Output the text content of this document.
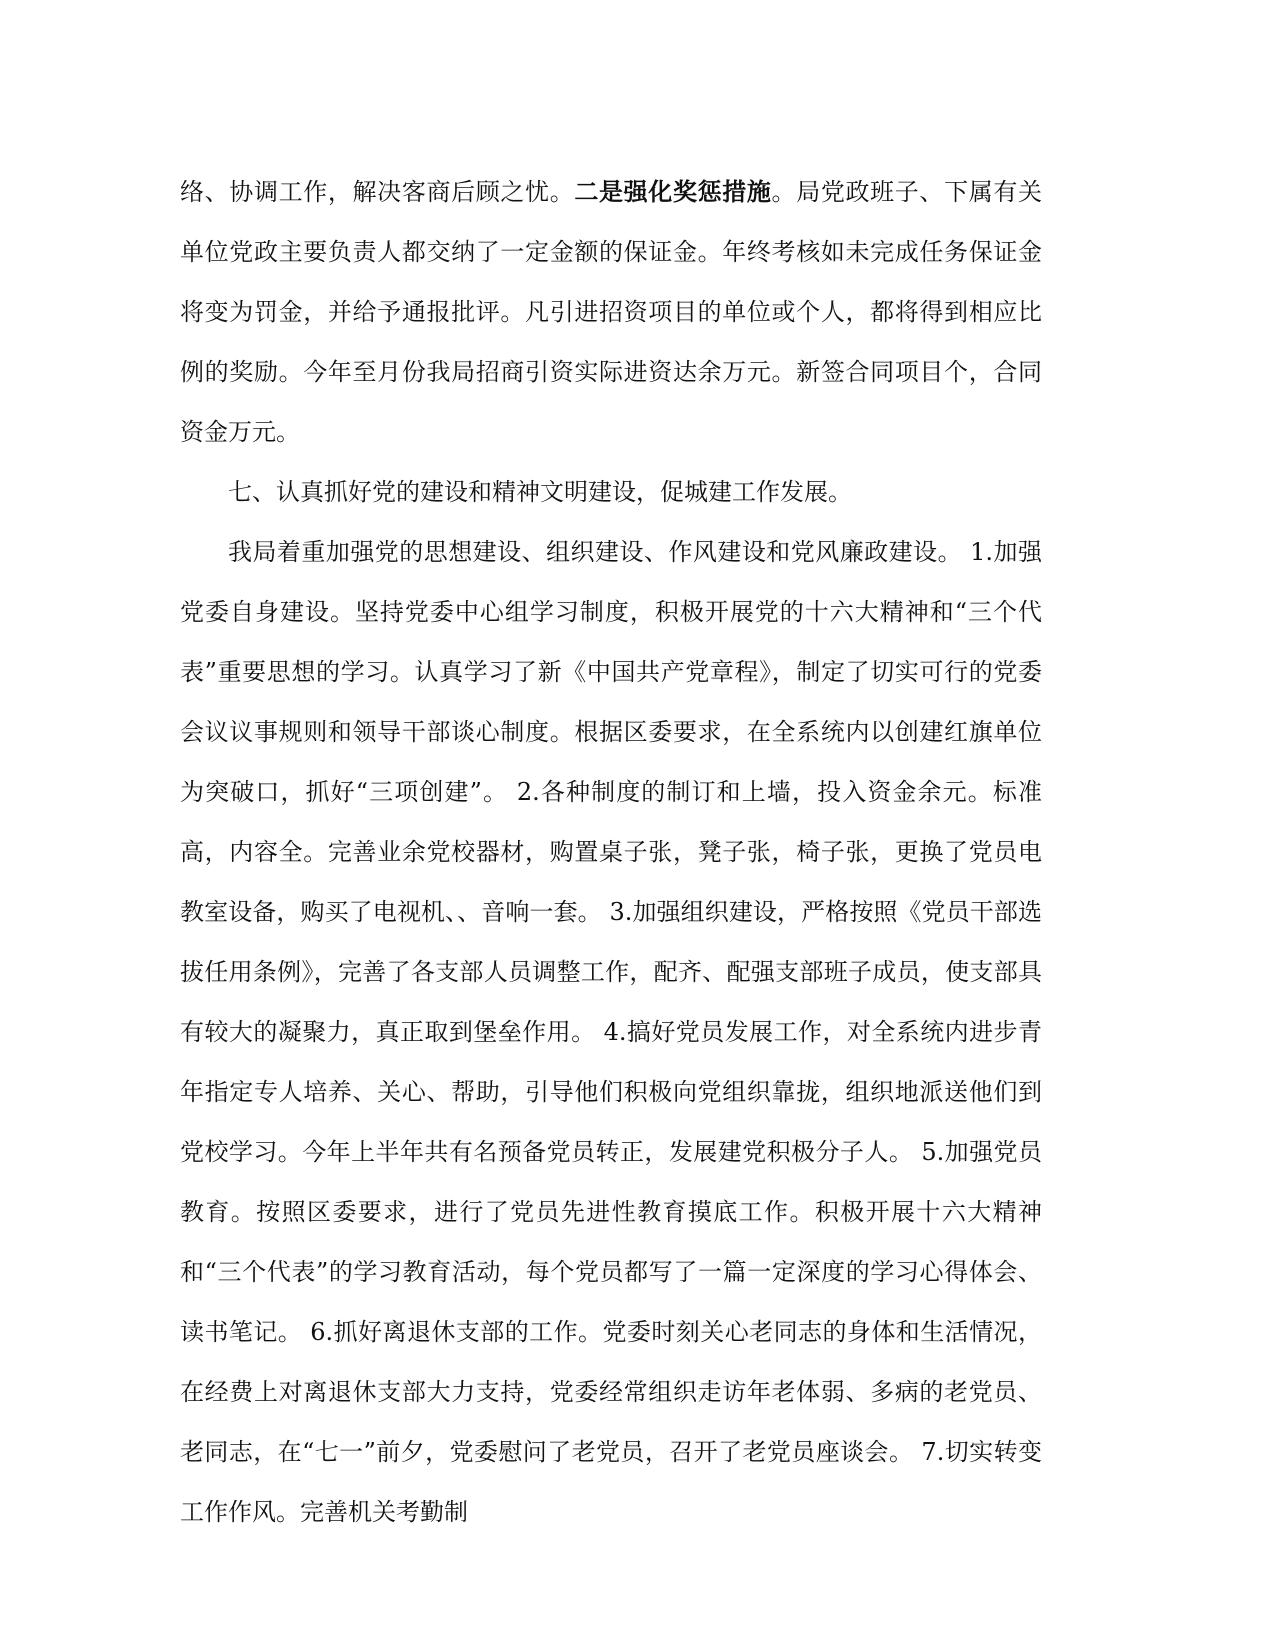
络、协调工作，解决客商后顾之忧。二是强化奖惩措施。局党政班子、下属有关单位党政主要负责人都交纳了一定金额的保证金。年终考核如未完成任务保证金将变为罚金，并给予通报批评。凡引进招资项目的单位或个人，都将得到相应比例的奖励。今年至月份我局招商引资实际进资达余万元。新签合同项目个，合同资金万元。

七、认真抓好党的建设和精神文明建设，促城建工作发展。

我局着重加强党的思想建设、组织建设、作风建设和党风廉政建设。 1.加强党委自身建设。坚持党委中心组学习制度，积极开展党的十六大精神和“三个代表”重要思想的学习。认真学习了新《中国共产党章程》，制定了切实可行的党委会议议事规则和领导干部谈心制度。根据区委要求，在全系统内以创建红旗单位为突破口，抓好“三项创建”。 2.各种制度的制订和上墙，投入资金余元。标准高，内容全。完善业余党校器材，购置桌子张，凳子张，椅子张，更换了党员电教室设备，购买了电视机、、音响一套。 3.加强组织建设，严格按照《党员干部选拔任用条例》，完善了各支部人员调整工作，配齐、配强支部班子成员，使支部具有较大的凝聚力，真正取到堡垒作用。 4.搞好党员发展工作，对全系统内进步青年指定专人培养、关心、帮助，引导他们积极向党组织靠拢，组织地派送他们到党校学习。今年上半年共有名预备党员转正，发展建党积极分子人。 5.加强党员教育。按照区委要求，进行了党员先进性教育摸底工作。积极开展十六大精神和“三个代表”的学习教育活动，每个党员都写了一篇一定深度的学习心得体会、读书笔记。 6.抓好离退休支部的工作。党委时刻关心老同志的身体和生活情况，在经费上对离退休支部大力支持，党委经常组织走访年老体弱、多病的老党员、老同志，在“七一”前夕，党委慰问了老党员，召开了老党员座谈会。 7.切实转变工作作风。完善机关考勤制
